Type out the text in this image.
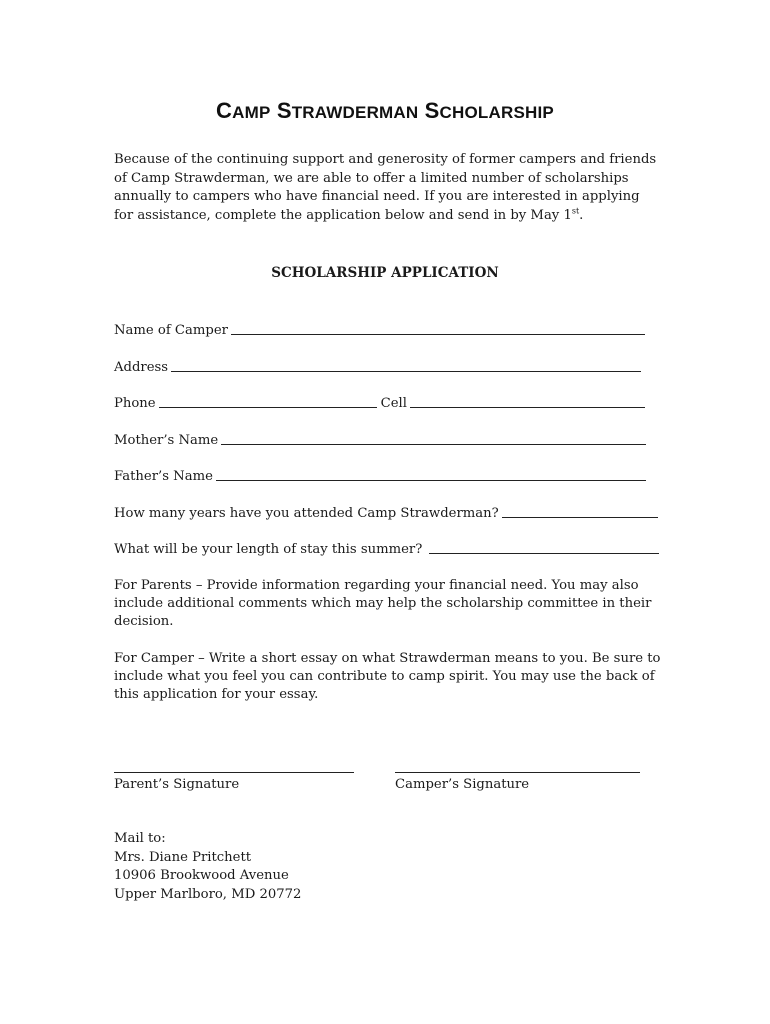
CAMP STRAWDERMAN SCHOLARSHIP
Because of the continuing support and generosity of former campers and friends of Camp Strawderman, we are able to offer a limited number of scholarships annually to campers who have financial need. If you are interested in applying for assistance, complete the application below and send in by May 1st.
SCHOLARSHIP APPLICATION
Name of Camper
Address
Phone	Cell
Mother’s Name
Father’s Name
How many years have you attended Camp Strawderman?
What will be your length of stay this summer?
For Parents – Provide information regarding your financial need. You may also include additional comments which may help the scholarship committee in their decision.
For Camper – Write a short essay on what Strawderman means to you. Be sure to include what you feel you can contribute to camp spirit. You may use the back of this application for your essay.
Parent’s Signature	Camper’s Signature
Mail to:
Mrs. Diane Pritchett
10906 Brookwood Avenue
Upper Marlboro, MD 20772
